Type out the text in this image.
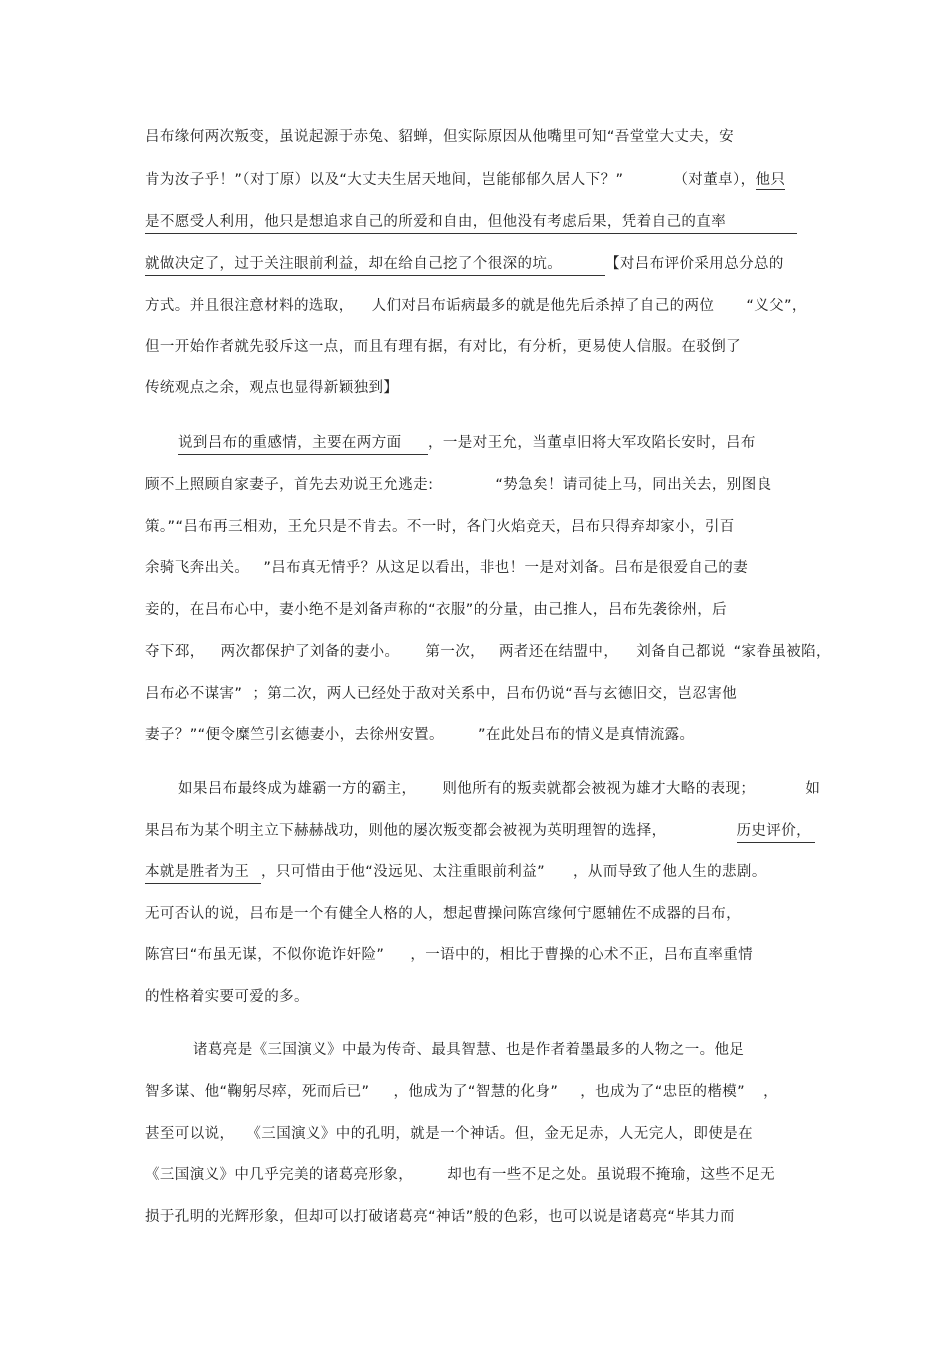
吕布缘何两次叛变，虽说起源于赤兔、貂蝉，但实际原因从他嘴里可知“吾堂堂大丈夫，安
肯为汝子乎！”（对丁原）以及“大丈夫生居天地间，岂能郁郁久居人下？”	（对董卓），他只
是不愿受人利用，他只是想追求自己的所爱和自由，但他没有考虑后果，凭着自己的直率
就做决定了，过于关注眼前利益，却在给自己挖了个很深的坑。	【对吕布评价采用总分总的
方式。并且很注意材料的选取， 人们对吕布诟病最多的就是他先后杀掉了自己的两位 “义父”，
但一开始作者就先驳斥这一点，而且有理有据，有对比，有分析，更易使人信服。在驳倒了
传统观点之余，观点也显得新颖独到】
说到吕布的重感情，主要在两方面 ，一是对王允，当董卓旧将大军攻陷长安时，吕布
顾不上照顾自家妻子，首先去劝说王允逃走:	“势急矣！请司徒上马，同出关去，别图良
策。”“吕布再三相劝，王允只是不肯去。不一时，各门火焰竞天，吕布只得弃却家小，引百
余骑飞奔出关。 ”吕布真无情乎？从这足以看出，非也！一是对刘备。吕布是很爱自己的妻
妾的，在吕布心中，妻小绝不是刘备声称的“衣服”的分量，由己推人，吕布先袭徐州，后
夺下邳， 两次都保护了刘备的妻小。 第一次， 两者还在结盟中， 刘备自己都说 “家眷虽被陷，
吕布必不谋害” ；第二次，两人已经处于敌对关系中，吕布仍说“吾与玄德旧交，岂忍害他
妻子？”“便令糜竺引玄德妻小，去徐州安置。 ”在此处吕布的情义是真情流露。
如果吕布最终成为雄霸一方的霸主， 则他所有的叛卖就都会被视为雄才大略的表现；	如
果吕布为某个明主立下赫赫战功，则他的屡次叛变都会被视为英明理智的选择，	历史评价，
本就是胜者为王 ，只可惜由于他“没远见、太注重眼前利益” ，从而导致了他人生的悲剧。
无可否认的说，吕布是一个有健全人格的人，想起曹操问陈宫缘何宁愿辅佐不成器的吕布，
陈宫曰“布虽无谋，不似你诡诈奸险” ，一语中的，相比于曹操的心术不正，吕布直率重情
的性格着实要可爱的多。
诸葛亮是《三国演义》中最为传奇、最具智慧、也是作者着墨最多的人物之一。他足
智多谋、他“鞠躬尽瘁，死而后已” ，他成为了“智慧的化身” ，也成为了“忠臣的楷模” ，
甚至可以说， 《三国演义》中的孔明，就是一个神话。但，金无足赤，人无完人，即使是在
《三国演义》中几乎完美的诸葛亮形象， 却也有一些不足之处。虽说瑕不掩瑜，这些不足无
损于孔明的光辉形象，但却可以打破诸葛亮“神话”般的色彩，也可以说是诸葛亮“毕其力而
